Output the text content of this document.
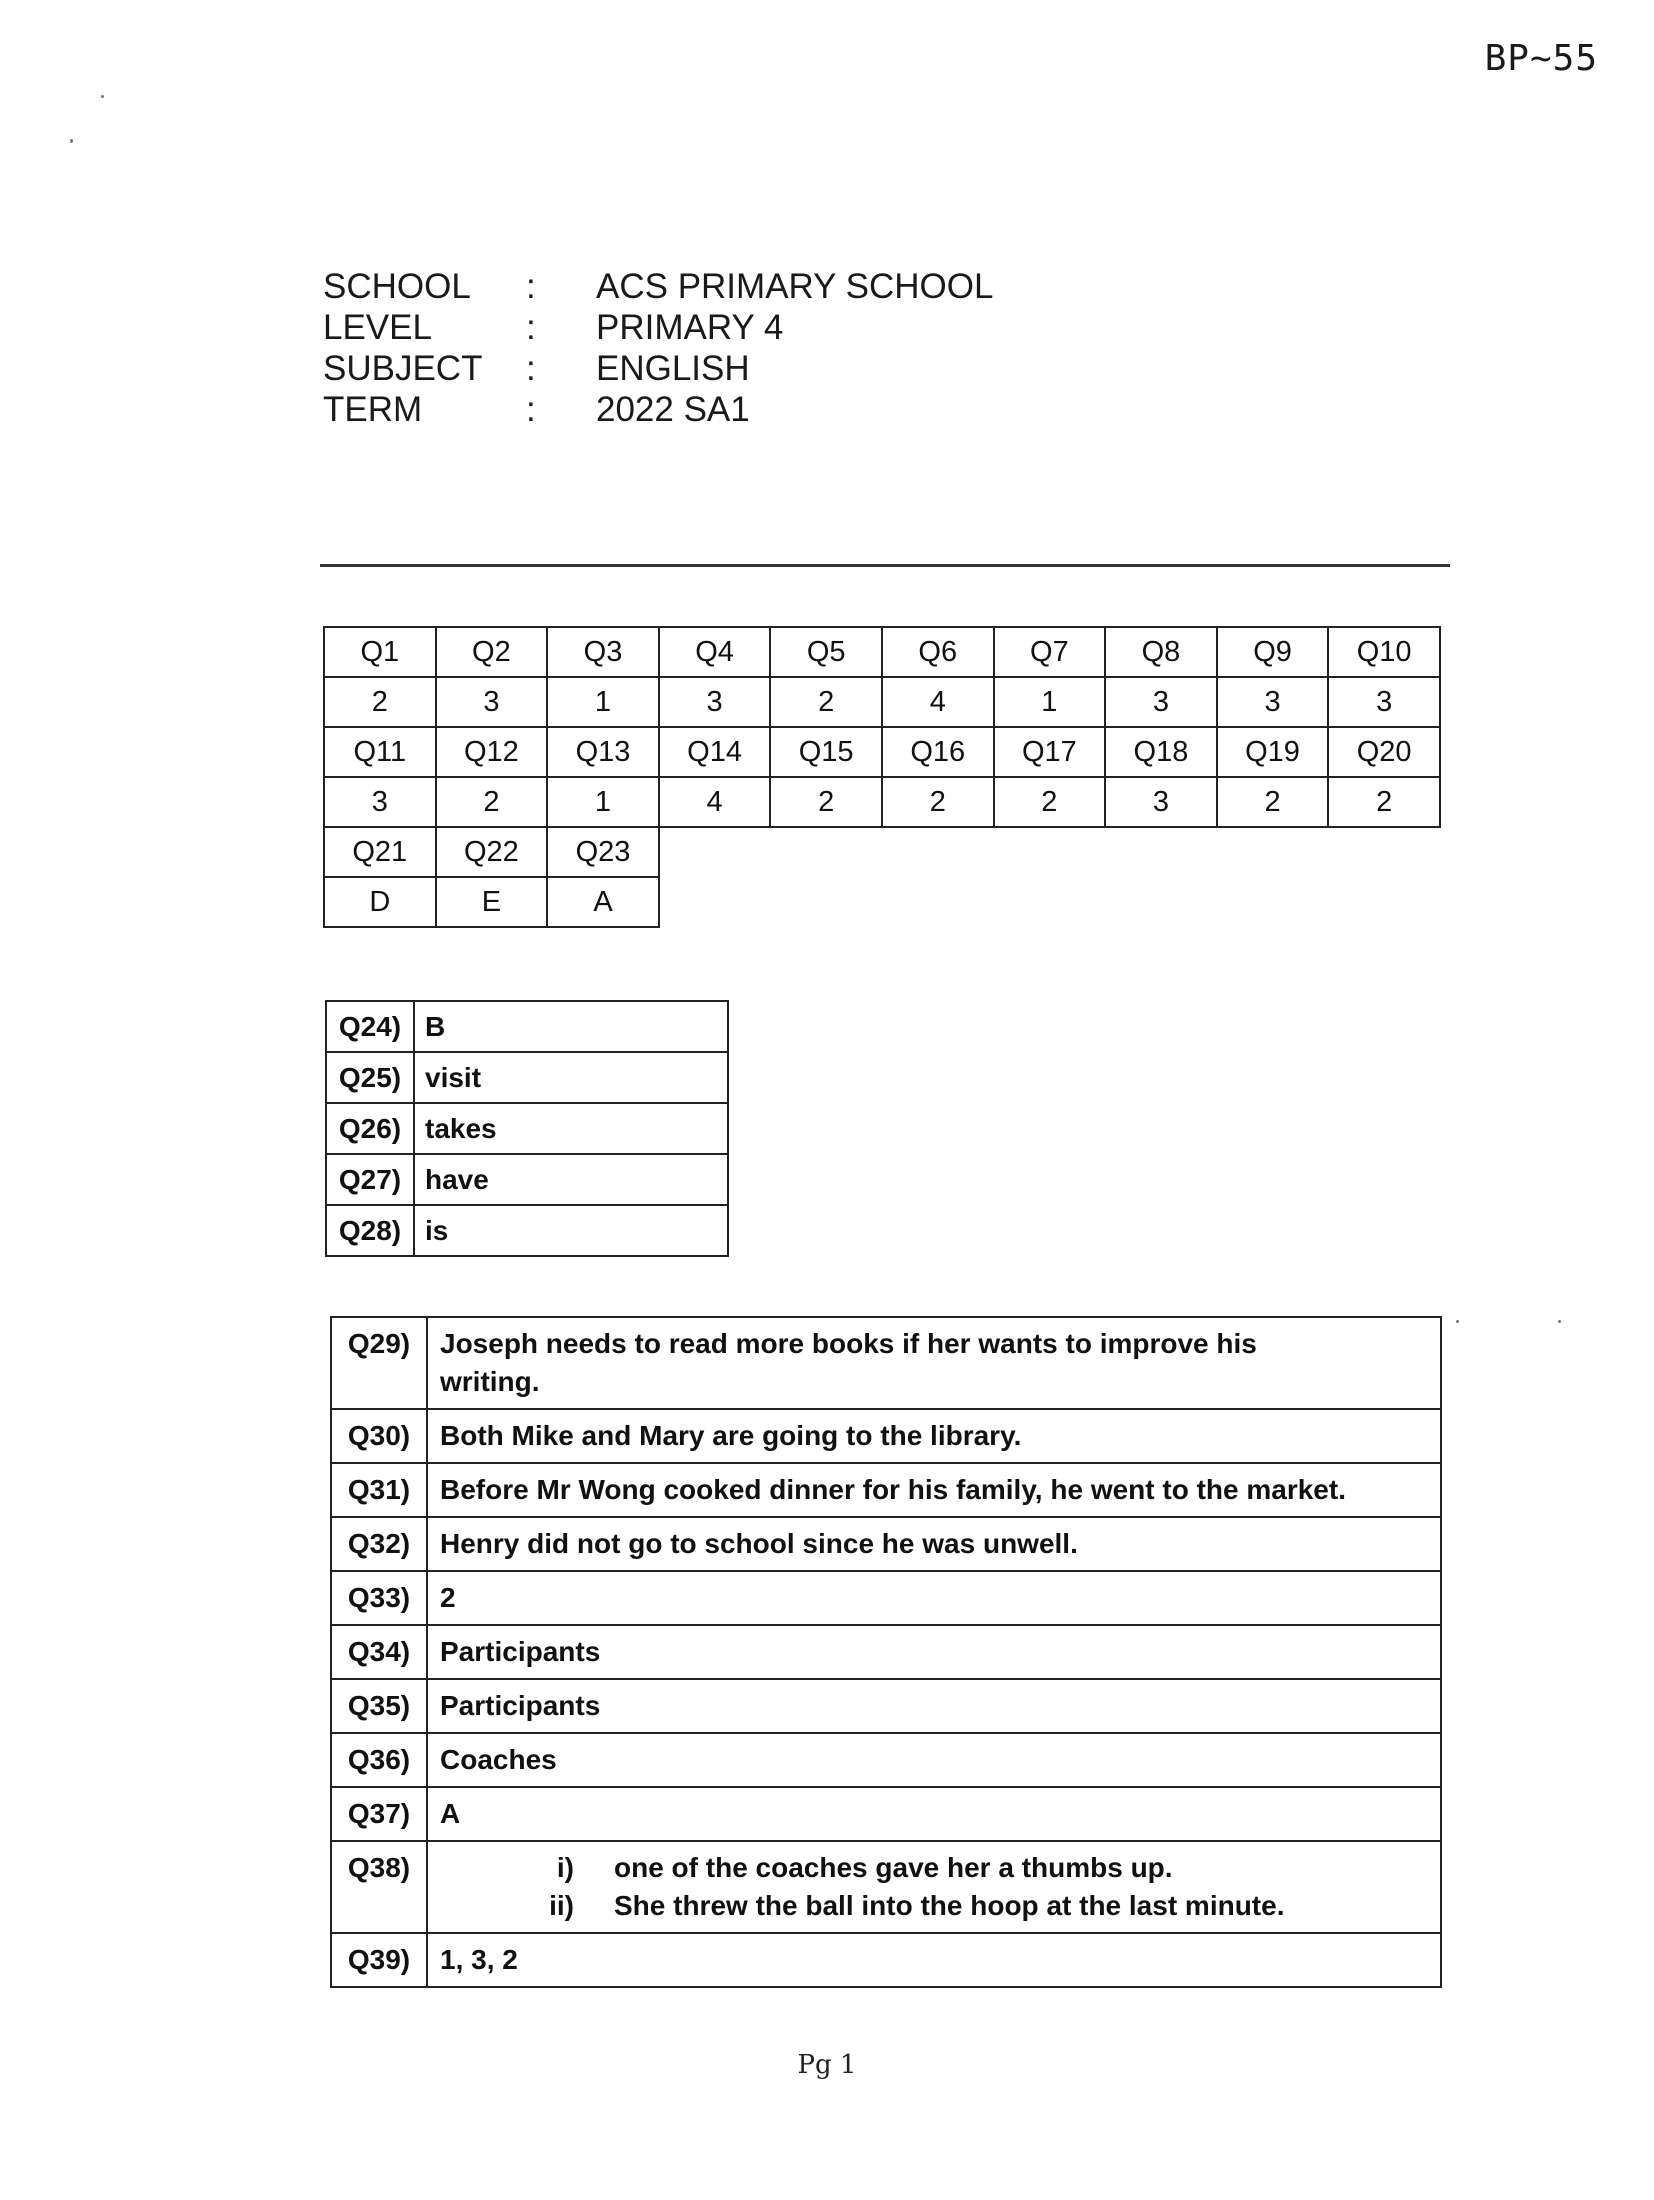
BP~55
SCHOOL	:	ACS PRIMARY SCHOOL
LEVEL	:	PRIMARY 4
SUBJECT	:	ENGLISH
TERM	:	2022 SA1
Q1	Q2	Q3	Q4	Q5	Q6	Q7	Q8	Q9	Q10
2	3	1	3	2	4	1	3	3	3
Q11	Q12	Q13	Q14	Q15	Q16	Q17	Q18	Q19	Q20
3	2	1	4	2	2	2	3	2	2
Q21	Q22	Q23							
D	E	A							
Q24)	B
Q25)	visit
Q26)	takes
Q27)	have
Q28)	is
Q29)	Joseph needs to read more books if her wants to improve his
writing.

Q30)	Both Mike and Mary are going to the library.
Q31)	Before Mr Wong cooked dinner for his family, he went to the market.
Q32)	Henry did not go to school since he was unwell.
Q33)	2
Q34)	Participants
Q35)	Participants
Q36)	Coaches
Q37)	A
Q38)	i) one of the coaches gave her a thumbs up.
ii) She threw the ball into the hoop at the last minute.

Q39)	1, 3, 2
Pg 1
